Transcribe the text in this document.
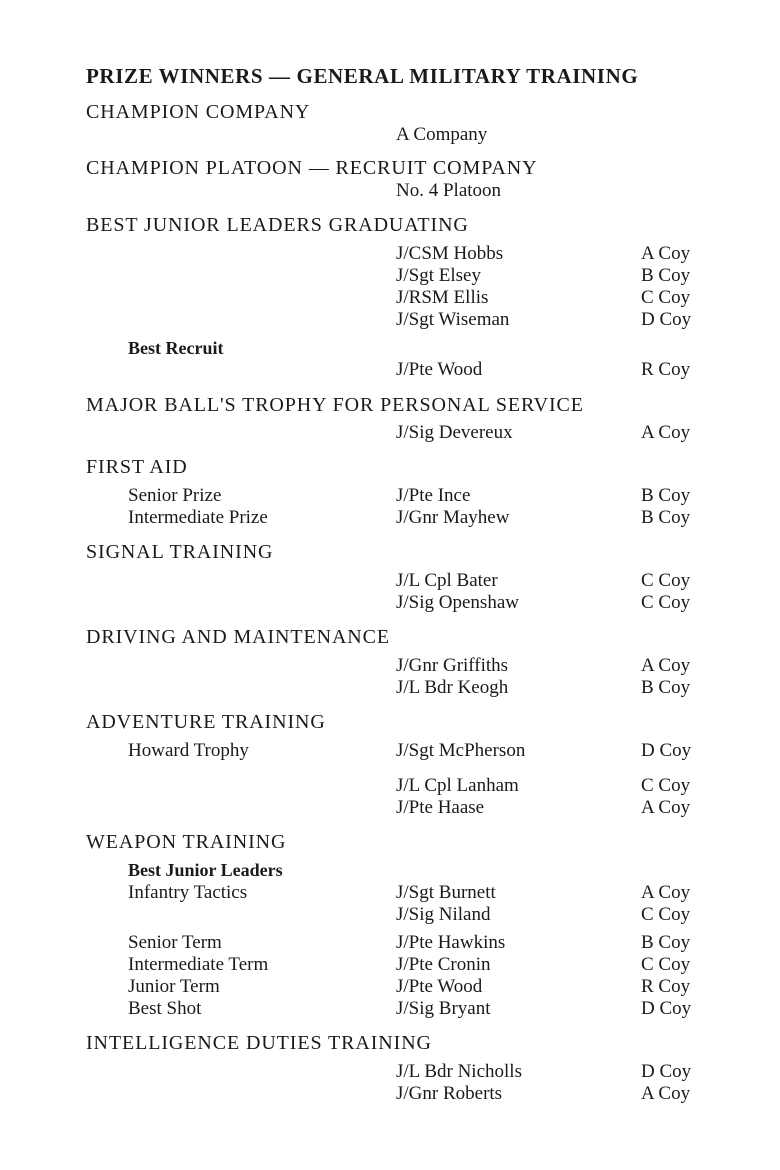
PRIZE WINNERS — GENERAL MILITARY TRAINING
CHAMPION COMPANY
A Company
CHAMPION PLATOON — RECRUIT COMPANY
No. 4 Platoon
BEST JUNIOR LEADERS GRADUATING
J/CSM Hobbs	A Coy
J/Sgt Elsey	B Coy
J/RSM Ellis	C Coy
J/Sgt Wiseman	D Coy
Best Recruit
J/Pte Wood	R Coy
MAJOR BALL'S TROPHY FOR PERSONAL SERVICE
J/Sig Devereux	A Coy
FIRST AID
Senior Prize	J/Pte Ince	B Coy
Intermediate Prize	J/Gnr Mayhew	B Coy
SIGNAL TRAINING
J/L Cpl Bater	C Coy
J/Sig Openshaw	C Coy
DRIVING AND MAINTENANCE
J/Gnr Griffiths	A Coy
J/L Bdr Keogh	B Coy
ADVENTURE TRAINING
Howard Trophy	J/Sgt McPherson	D Coy
J/L Cpl Lanham	C Coy
J/Pte Haase	A Coy
WEAPON TRAINING
Best Junior Leaders
Infantry Tactics	J/Sgt Burnett	A Coy
J/Sig Niland	C Coy
Senior Term	J/Pte Hawkins	B Coy
Intermediate Term	J/Pte Cronin	C Coy
Junior Term	J/Pte Wood	R Coy
Best Shot	J/Sig Bryant	D Coy
INTELLIGENCE DUTIES TRAINING
J/L Bdr Nicholls	D Coy
J/Gnr Roberts	A Coy
